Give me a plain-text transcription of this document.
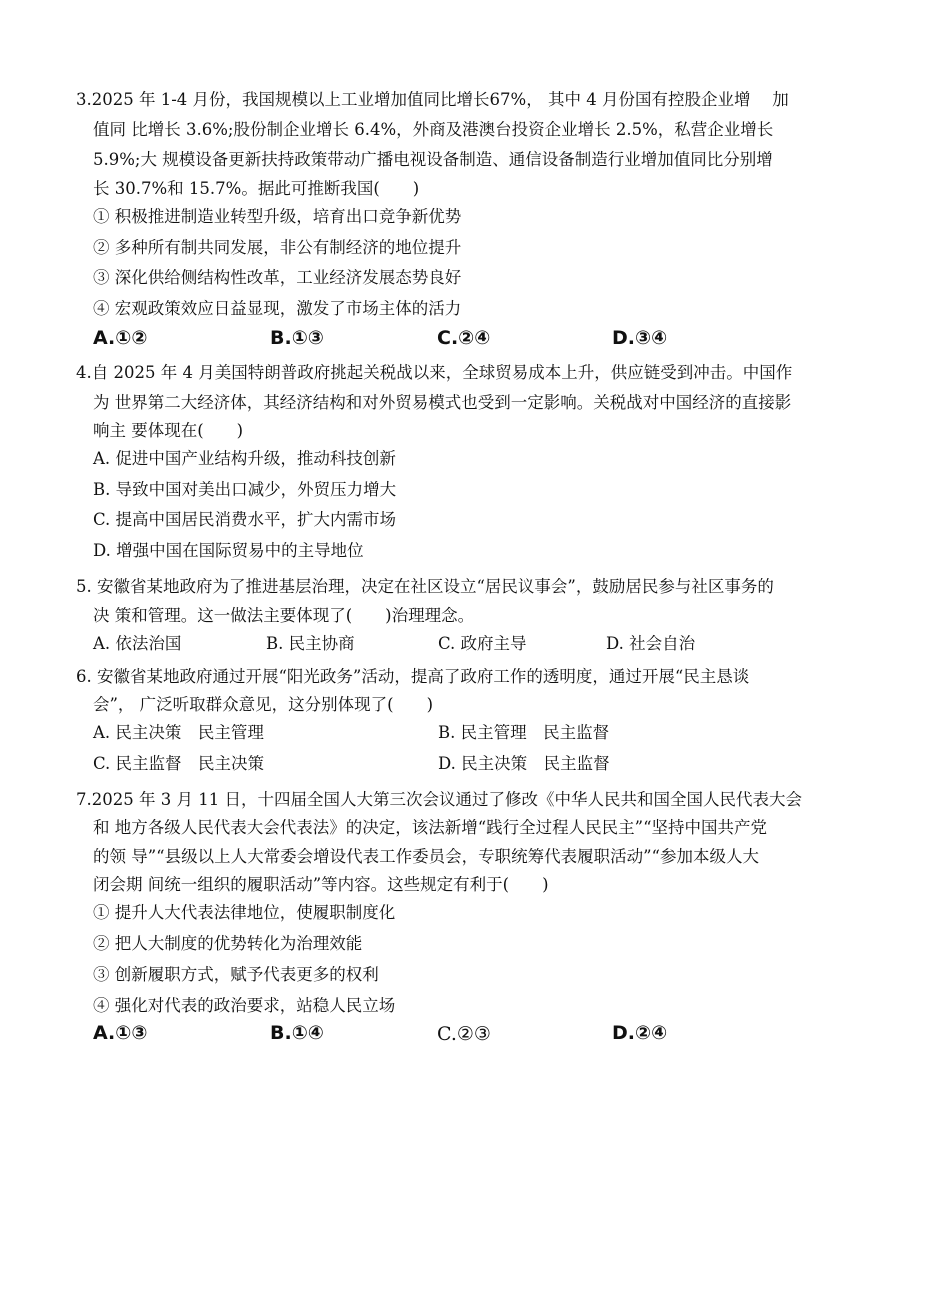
3.2025 年 1-4 月份，我国规模以上工业增加值同比增长67%， 其中 4 月份国有控股企业增　 加
值同 比增长 3.6%;股份制企业增长 6.4%，外商及港澳台投资企业增长 2.5%，私营企业增长
5.9%;大 规模设备更新扶持政策带动广播电视设备制造、通信设备制造行业增加值同比分别增
长 30.7%和 15.7%。据此可推断我国(　　)
① 积极推进制造业转型升级，培育出口竞争新优势
② 多种所有制共同发展，非公有制经济的地位提升
③ 深化供给侧结构性改革，工业经济发展态势良好
④ 宏观政策效应日益显现，激发了市场主体的活力
A.①②	B.①③	C.②④	D.③④
4.自 2025 年 4 月美国特朗普政府挑起关税战以来，全球贸易成本上升，供应链受到冲击。中国作
为 世界第二大经济体，其经济结构和对外贸易模式也受到一定影响。关税战对中国经济的直接影
响主 要体现在(　　)
A. 促进中国产业结构升级，推动科技创新
B. 导致中国对美出口减少，外贸压力增大
C. 提高中国居民消费水平，扩大内需市场
D. 增强中国在国际贸易中的主导地位
5. 安徽省某地政府为了推进基层治理，决定在社区设立“居民议事会”，鼓励居民参与社区事务的
决 策和管理。这一做法主要体现了(　　)治理理念。
A. 依法治国	B. 民主协商	C. 政府主导	D. 社会自治
6. 安徽省某地政府通过开展“阳光政务”活动，提高了政府工作的透明度，通过开展“民主恳谈
会”， 广泛听取群众意见，这分别体现了(　　)
A. 民主决策　民主管理	B. 民主管理　民主监督
C. 民主监督　民主决策	D. 民主决策　民主监督
7.2025 年 3 月 11 日，十四届全国人大第三次会议通过了修改《中华人民共和国全国人民代表大会
和 地方各级人民代表大会代表法》的决定，该法新增“践行全过程人民民主”“坚持中国共产党
的领 导”“县级以上人大常委会增设代表工作委员会，专职统筹代表履职活动”“参加本级人大
闭会期 间统一组织的履职活动”等内容。这些规定有利于(　　)
① 提升人大代表法律地位，使履职制度化
② 把人大制度的优势转化为治理效能
③ 创新履职方式，赋予代表更多的权利
④ 强化对代表的政治要求，站稳人民立场
A.①③	B.①④	C.②③	D.②④
